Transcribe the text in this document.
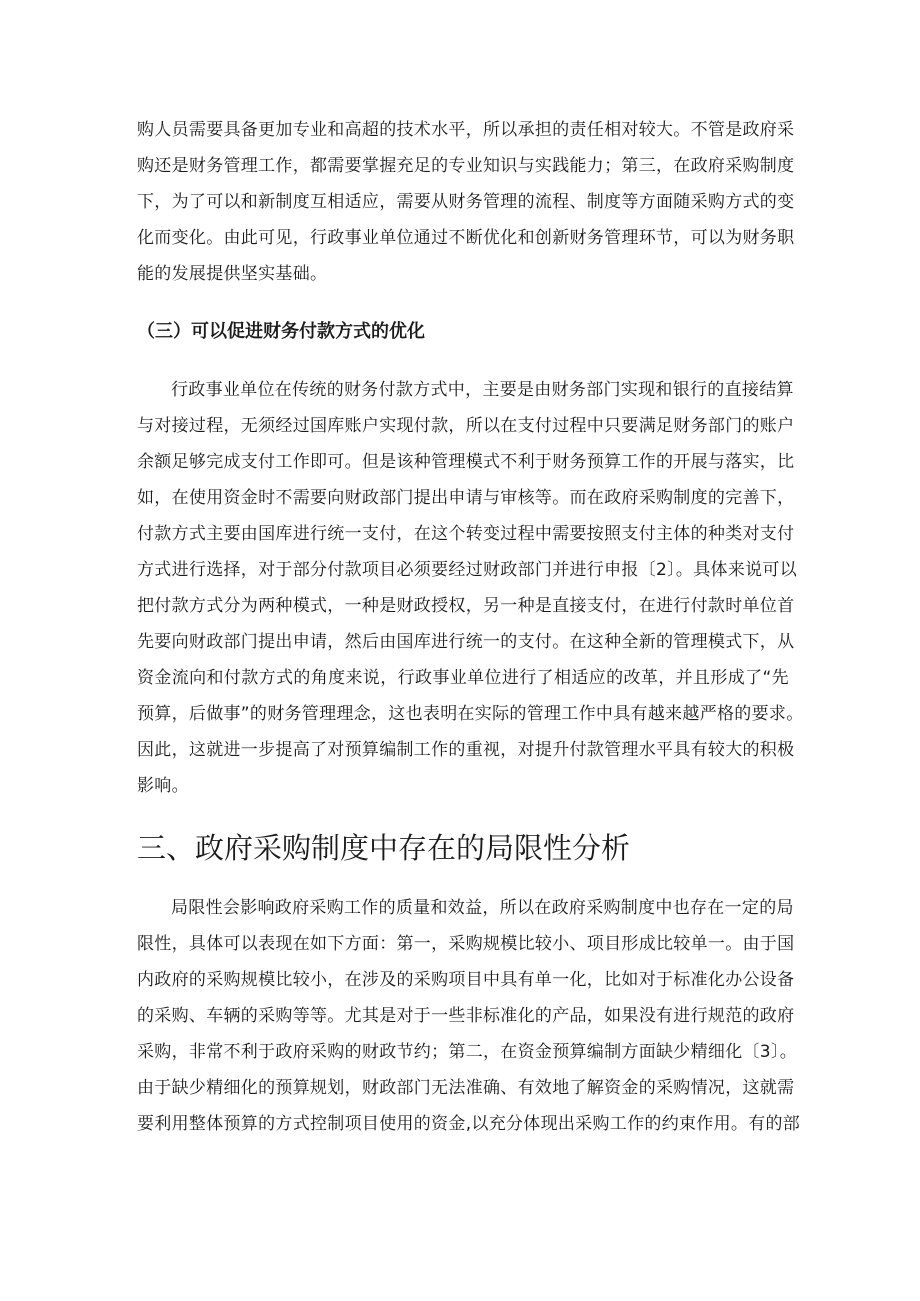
购人员需要具备更加专业和高超的技术水平，所以承担的责任相对较大。不管是政府采
购还是财务管理工作，都需要掌握充足的专业知识与实践能力；第三，在政府采购制度
下，为了可以和新制度互相适应，需要从财务管理的流程、制度等方面随采购方式的变
化而变化。由此可见，行政事业单位通过不断优化和创新财务管理环节，可以为财务职
能的发展提供坚实基础。

（三）可以促进财务付款方式的优化

行政事业单位在传统的财务付款方式中，主要是由财务部门实现和银行的直接结算
与对接过程，无须经过国库账户实现付款，所以在支付过程中只要满足财务部门的账户
余额足够完成支付工作即可。但是该种管理模式不利于财务预算工作的开展与落实，比
如，在使用资金时不需要向财政部门提出申请与审核等。而在政府采购制度的完善下，
付款方式主要由国库进行统一支付，在这个转变过程中需要按照支付主体的种类对支付
方式进行选择，对于部分付款项目必须要经过财政部门并进行申报〔2〕。具体来说可以
把付款方式分为两种模式，一种是财政授权，另一种是直接支付，在进行付款时单位首
先要向财政部门提出申请，然后由国库进行统一的支付。在这种全新的管理模式下，从
资金流向和付款方式的角度来说，行政事业单位进行了相适应的改革，并且形成了“先
预算，后做事”的财务管理理念，这也表明在实际的管理工作中具有越来越严格的要求。
因此，这就进一步提高了对预算编制工作的重视，对提升付款管理水平具有较大的积极
影响。

三、政府采购制度中存在的局限性分析

局限性会影响政府采购工作的质量和效益，所以在政府采购制度中也存在一定的局
限性，具体可以表现在如下方面：第一，采购规模比较小、项目形成比较单一。由于国
内政府的采购规模比较小，在涉及的采购项目中具有单一化，比如对于标准化办公设备
的采购、车辆的采购等等。尤其是对于一些非标准化的产品，如果没有进行规范的政府
采购，非常不利于政府采购的财政节约；第二，在资金预算编制方面缺少精细化〔3〕。
由于缺少精细化的预算规划，财政部门无法准确、有效地了解资金的采购情况，这就需
要利用整体预算的方式控制项目使用的资金,以充分体现出采购工作的约束作用。有的部
